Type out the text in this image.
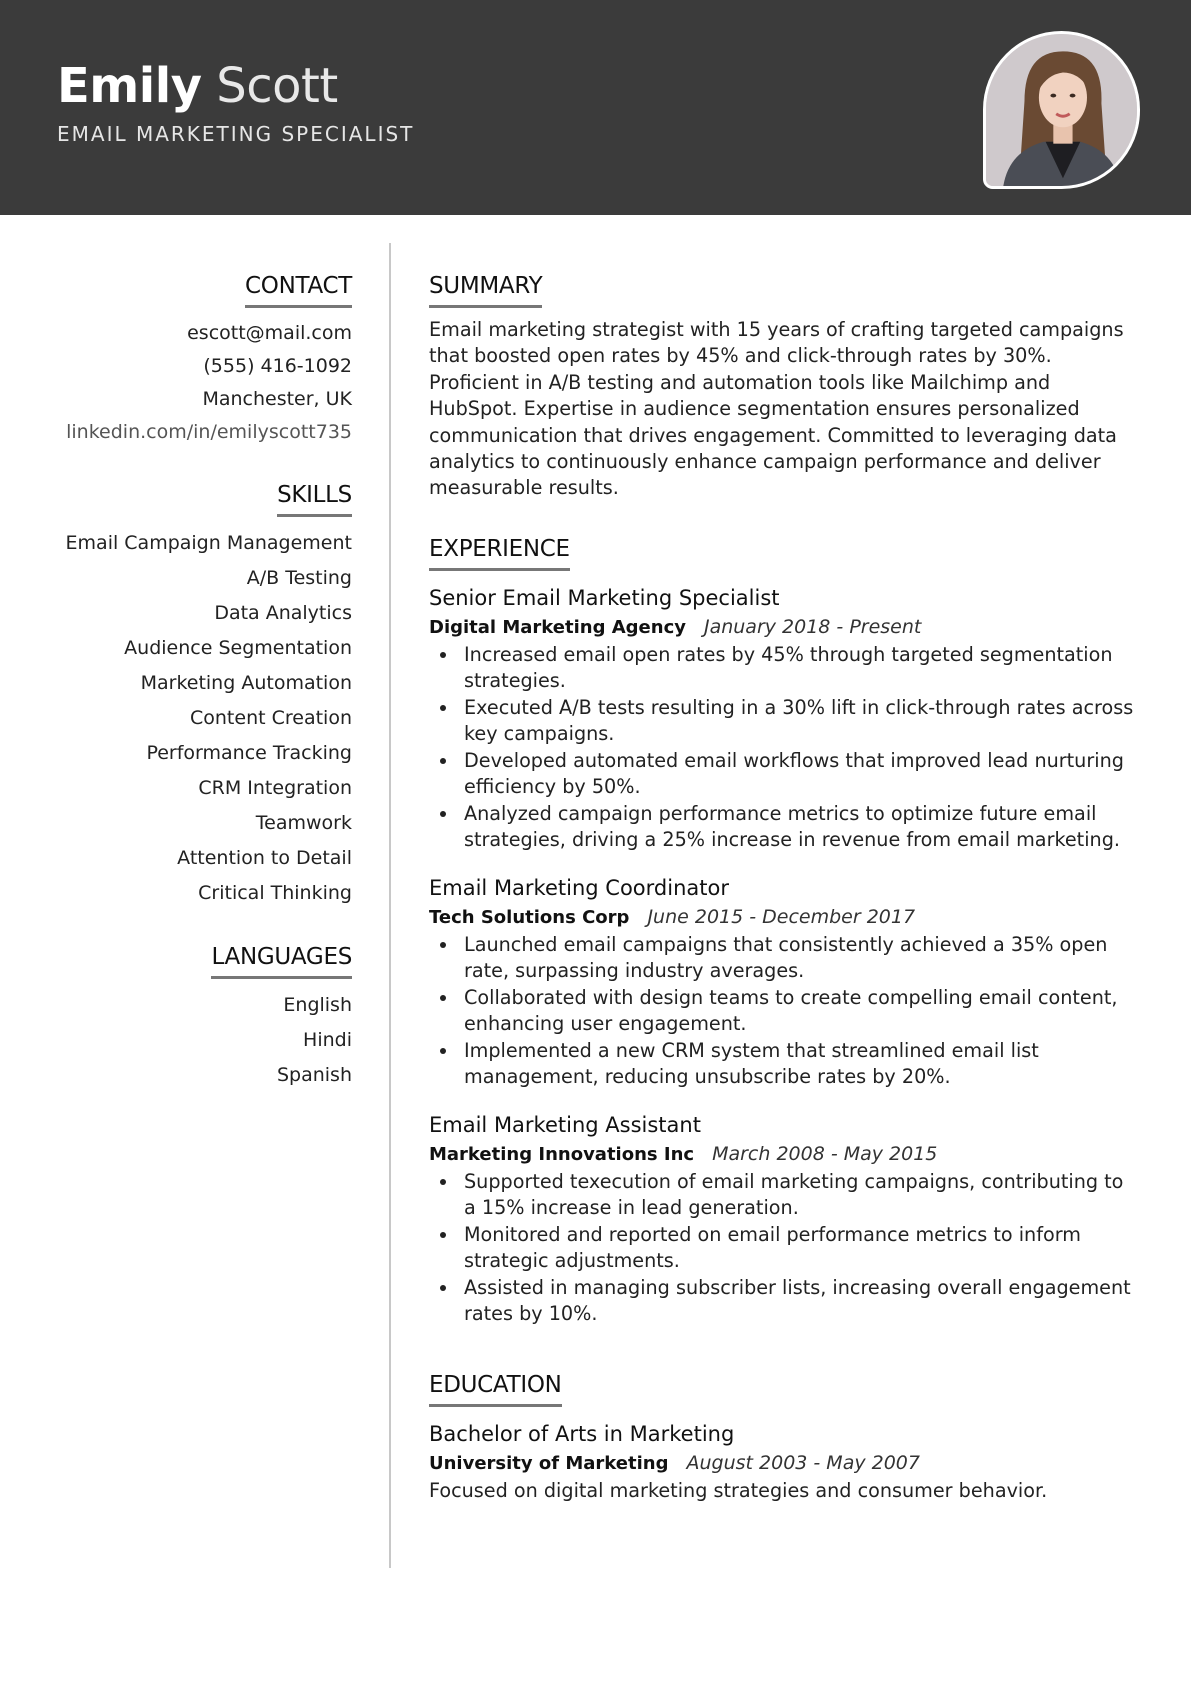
Emily Scott
EMAIL MARKETING SPECIALIST
CONTACT
escott@mail.com
(555) 416-1092
Manchester, UK
linkedin.com/in/emilyscott735
SKILLS
Email Campaign Management
A/B Testing
Data Analytics
Audience Segmentation
Marketing Automation
Content Creation
Performance Tracking
CRM Integration
Teamwork
Attention to Detail
Critical Thinking
LANGUAGES
English
Hindi
Spanish
SUMMARY
Email marketing strategist with 15 years of crafting targeted campaigns that boosted open rates by 45% and click-through rates by 30%. Proficient in A/B testing and automation tools like Mailchimp and HubSpot. Expertise in audience segmentation ensures personalized communication that drives engagement. Committed to leveraging data analytics to continuously enhance campaign performance and deliver measurable results.
EXPERIENCE
Senior Email Marketing Specialist
Digital Marketing Agency January 2018 - Present
Increased email open rates by 45% through targeted segmentation strategies.
Executed A/B tests resulting in a 30% lift in click-through rates across key campaigns.
Developed automated email workflows that improved lead nurturing efficiency by 50%.
Analyzed campaign performance metrics to optimize future email strategies, driving a 25% increase in revenue from email marketing.
Email Marketing Coordinator
Tech Solutions Corp June 2015 - December 2017
Launched email campaigns that consistently achieved a 35% open rate, surpassing industry averages.
Collaborated with design teams to create compelling email content, enhancing user engagement.
Implemented a new CRM system that streamlined email list management, reducing unsubscribe rates by 20%.
Email Marketing Assistant
Marketing Innovations Inc March 2008 - May 2015
Supported texecution of email marketing campaigns, contributing to a 15% increase in lead generation.
Monitored and reported on email performance metrics to inform strategic adjustments.
Assisted in managing subscriber lists, increasing overall engagement rates by 10%.
EDUCATION
Bachelor of Arts in Marketing
University of Marketing August 2003 - May 2007
Focused on digital marketing strategies and consumer behavior.
